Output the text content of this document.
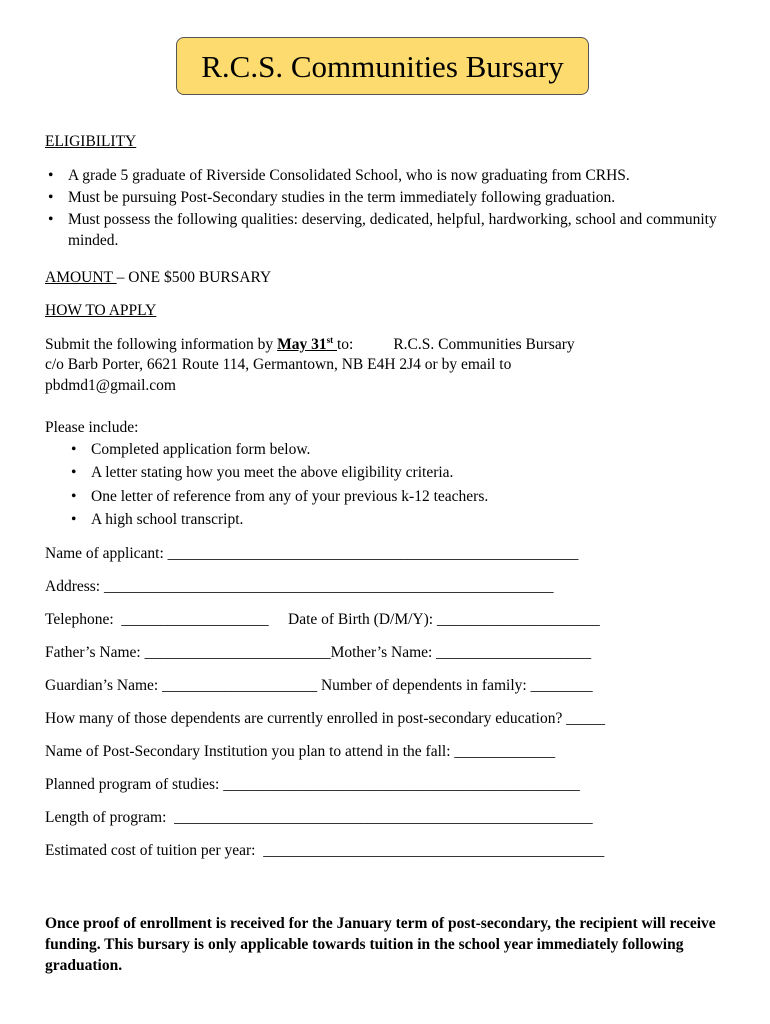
R.C.S. Communities Bursary
ELIGIBILITY
• A grade 5 graduate of Riverside Consolidated School, who is now graduating from CRHS.
• Must be pursuing Post-Secondary studies in the term immediately following graduation.
• Must possess the following qualities: deserving, dedicated, helpful, hardworking, school and community minded.
AMOUNT – ONE $500 BURSARY
HOW TO APPLY
Submit the following information by May 31st to:	R.C.S. Communities Bursary
c/o Barb Porter, 6621 Route 114, Germantown, NB E4H 2J4 or by email to
pbdmd1@gmail.com
Please include:
• Completed application form below.
• A letter stating how you meet the above eligibility criteria.
• One letter of reference from any of your previous k-12 teachers.
• A high school transcript.
Name of applicant: _____________________________________________________
Address: __________________________________________________________
Telephone:  ___________________     Date of Birth (D/M/Y): _____________________
Father’s Name: ________________________Mother’s Name: ____________________
Guardian’s Name: ____________________ Number of dependents in family: ________
How many of those dependents are currently enrolled in post-secondary education? _____
Name of Post-Secondary Institution you plan to attend in the fall: _____________
Planned program of studies: ______________________________________________
Length of program:  ______________________________________________________
Estimated cost of tuition per year:  ____________________________________________
Once proof of enrollment is received for the January term of post-secondary, the recipient will receive funding. This bursary is only applicable towards tuition in the school year immediately following graduation.
